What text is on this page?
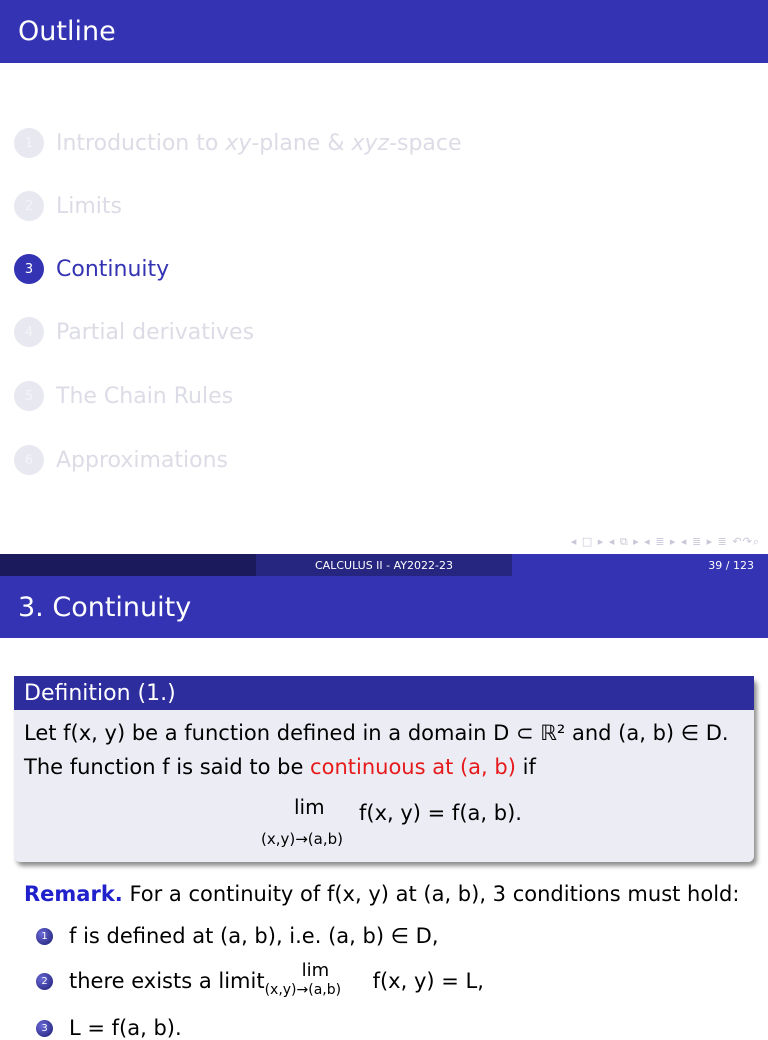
Outline
1	Introduction to xy-plane & xyz-space
2	Limits
3	Continuity
4	Partial derivatives
5	The Chain Rules
6	Approximations
◂ □ ▸ ◂ ⧉ ▸ ◂ ≣ ▸ ◂ ≣ ▸ ≣ ↶↷⌕
CALCULUS II - AY2022-23	39 / 123
3. Continuity
Definition (1.)
Let f(x, y) be a function defined in a domain D ⊂ ℝ² and (a, b) ∈ D.
The function f is said to be continuous at (a, b) if
lim
(x,y)→(a,b)
f(x, y) = f(a, b).
Remark. For a continuity of f(x, y) at (a, b), 3 conditions must hold:
1 f is defined at (a, b), i.e. (a, b) ∈ D,
2 there exists a limit lim
(x,y)→(a,b) f(x, y) = L,
3 L = f(a, b).
